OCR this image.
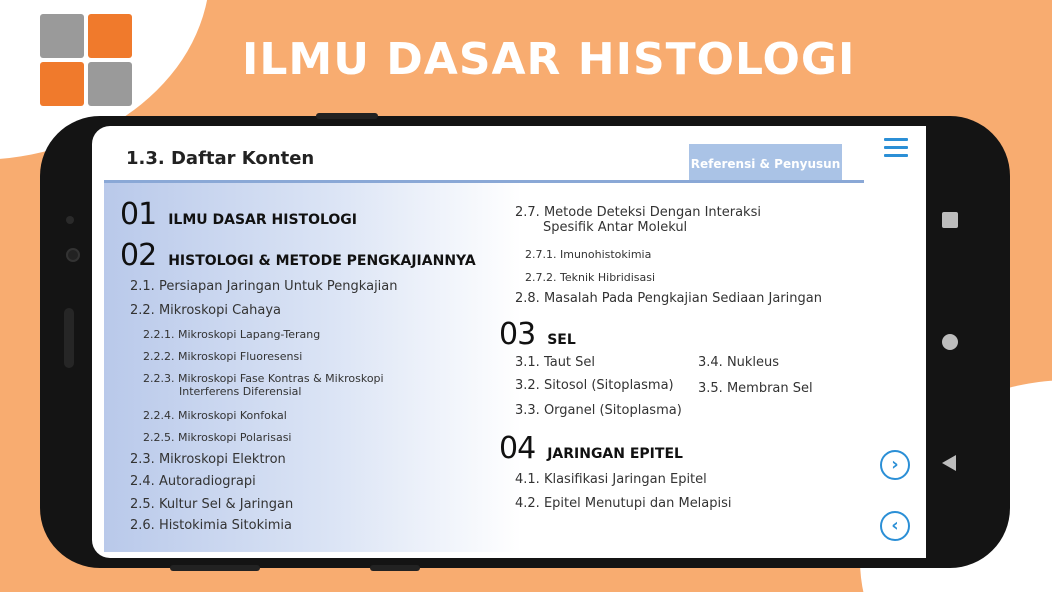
ILMU DASAR HISTOLOGI
1.3. Daftar Konten	Referensi & Penyusun
01 ILMU DASAR HISTOLOGI
02 HISTOLOGI & METODE PENGKAJIANNYA
2.1. Persiapan Jaringan Untuk Pengkajian
2.2. Mikroskopi Cahaya
2.2.1. Mikroskopi Lapang-Terang
2.2.2. Mikroskopi Fluoresensi
2.2.3. Mikroskopi Fase Kontras & Mikroskopi
Interferens Diferensial
2.2.4. Mikroskopi Konfokal
2.2.5. Mikroskopi Polarisasi
2.3. Mikroskopi Elektron
2.4. Autoradiograpi
2.5. Kultur Sel & Jaringan
2.6. Histokimia Sitokimia
2.7. Metode Deteksi Dengan Interaksi
Spesifik Antar Molekul
2.7.1. Imunohistokimia
2.7.2. Teknik Hibridisasi
2.8. Masalah Pada Pengkajian Sediaan Jaringan
03 SEL
3.1. Taut Sel
3.2. Sitosol (Sitoplasma)
3.3. Organel (Sitoplasma)
3.4. Nukleus
3.5. Membran Sel
04 JARINGAN EPITEL
4.1. Klasifikasi Jaringan Epitel
4.2. Epitel Menutupi dan Melapisi
›
‹
